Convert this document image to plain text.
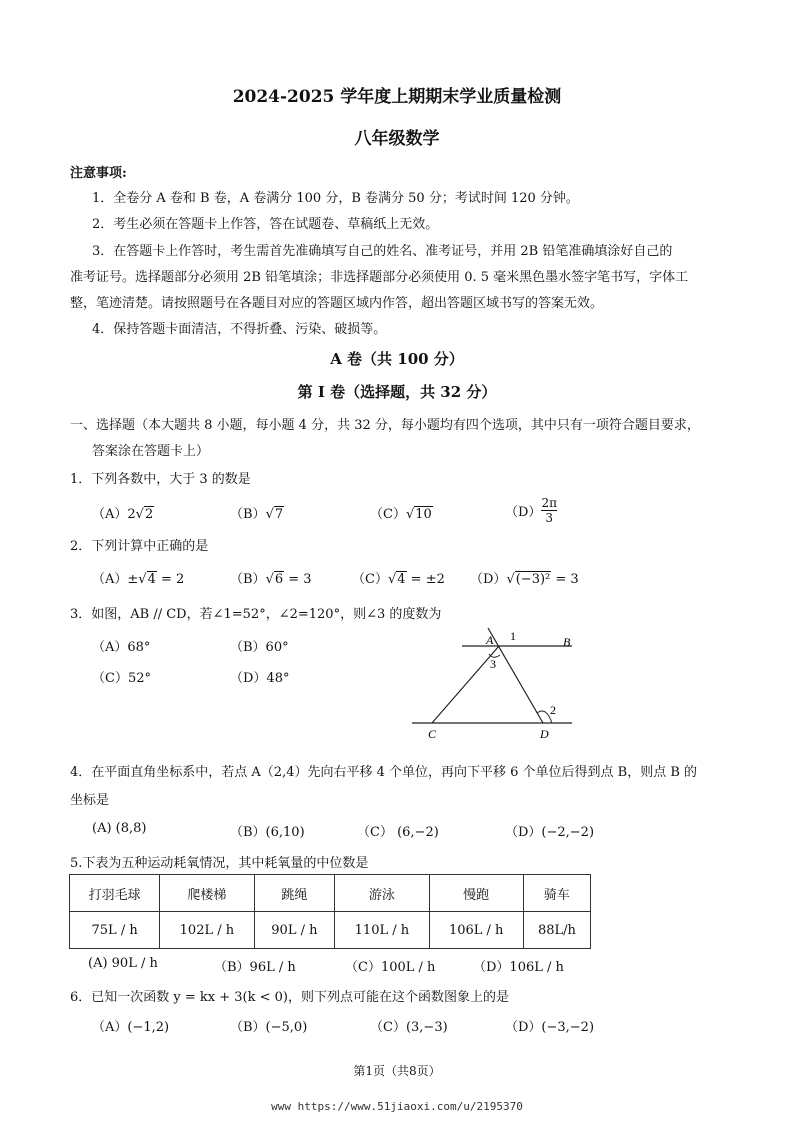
2024-2025 学年度上期期末学业质量检测
八年级数学
注意事项:
1．全卷分 A 卷和 B 卷，A 卷满分 100 分，B 卷满分 50 分；考试时间 120 分钟。
2．考生必须在答题卡上作答，答在试题卷、草稿纸上无效。
3．在答题卡上作答时，考生需首先准确填写自己的姓名、准考证号，并用 2B 铅笔准确填涂好自己的
准考证号。选择题部分必须用 2B 铅笔填涂；非选择题部分必须使用 0. 5 毫米黑色墨水签字笔书写，字体工
整，笔迹清楚。请按照题号在各题目对应的答题区域内作答，超出答题区域书写的答案无效。
4．保持答题卡面清洁，不得折叠、污染、破损等。
A 卷（共 100 分）
第 I 卷（选择题，共 32 分）
一、选择题（本大题共 8 小题，每小题 4 分，共 32 分，每小题均有四个选项，其中只有一项符合题目要求，
答案涂在答题卡上）
1．下列各数中，大于 3 的数是
（A）2√2	（B）√7	（C）√10	$(D) \frac{2\pi}{3}$
2．下列计算中正确的是
（A）±√4 = 2	（B）√6 = 3	（C）√4 = ±2 （D）√(−3)² = 3
3．如图，AB // CD，若∠1=52°，∠2=120°，则∠3 的度数为
（A）68°	（B）60°
（C）52°	（D）48°
A 1	B
3
2
C	D
4．在平面直角坐标系中，若点 A（2,4）先向右平移 4 个单位，再向下平移 6 个单位后得到点 B，则点 B 的
坐标是
(A) (8,8)	（B）(6,10)	（C） (6,−2)	（D）(−2,−2)
5.下表为五种运动耗氧情况，其中耗氧量的中位数是
打羽毛球	爬楼梯	跳绳	游泳	慢跑	骑车
75L / h	102L / h	90L / h	110L / h	106L / h	88L/h
(A) 90L / h	（B）96L / h	（C）100L / h	（D）106L / h
6．已知一次函数 y = kx + 3(k < 0)，则下列点可能在这个函数图象上的是
（A）(−1,2)	（B）(−5,0)	（C）(3,−3)	（D）(−3,−2)
第1页（共8页）
www https://www.51jiaoxi.com/u/2195370
